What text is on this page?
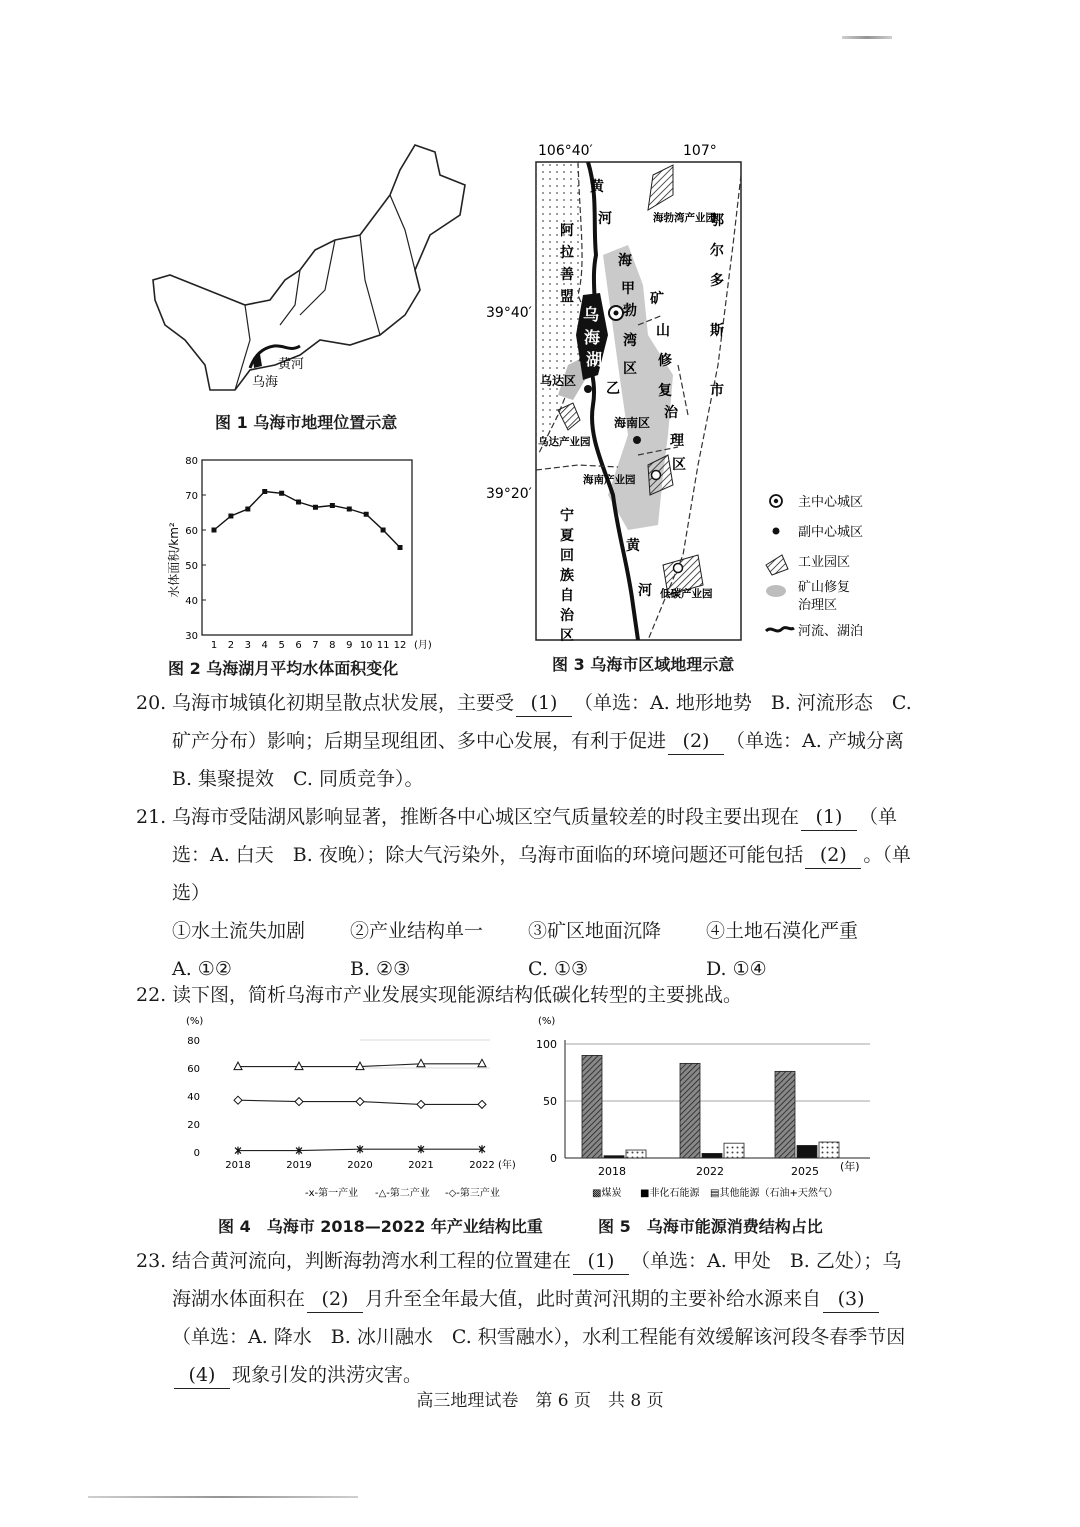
黄河
乌海
图 1 乌海市地理位置示意
水体面积/km²
80
70
60
50
40
30
1 2 3 4 5 6 7 8 9 10 11 12 (月)
图 2 乌海湖月平均水体面积变化
106°40′	107°
39°40′
39°20′
阿
拉
善
盟
鄂
尔
多
斯
市
宁
夏
回
族
自
治
区
海
勃
湾
区
甲
乙
黄
河
黄
河
矿
山
修
复
治
理
区
乌
海
湖
乌达区
海南区
海勃湾产业园
乌达产业园
海南产业园
低碳产业园
主中心城区
副中心城区
工业园区
矿山修复
治理区
河流、湖泊
图 3 乌海市区域地理示意
20. 乌海市城镇化初期呈散点状发展，主要受 (1) （单选：A. 地形地势　B. 河流形态　C. 矿产分布）影响；后期呈现组团、多中心发展，有利于促进 (2) （单选：A. 产城分离　B. 集聚提效　C. 同质竞争）。
21. 乌海市受陆湖风影响显著，推断各中心城区空气质量较差的时段主要出现在 (1) （单选：A. 白天　B. 夜晚）；除大气污染外，乌海市面临的环境问题还可能包括 (2) 。（单选）
①水土流失加剧 ②产业结构单一 ③矿区地面沉降 ④土地石漠化严重
A. ①②	B. ②③	C. ①③	D. ①④
22. 读下图，简析乌海市产业发展实现能源结构低碳化转型的主要挑战。
(%)
(年)
80
60
40
20
0
2018	2019	2020	2021	2022
-x-第一产业 -△-第二产业 -◇-第三产业
图 4　乌海市 2018—2022 年产业结构比重
(%)
(年)
100
50
0
2018	2022	2025
▩煤炭 ■非化石能源 ▤其他能源（石油+天然气）
图 5　乌海市能源消费结构占比
23. 结合黄河流向，判断海勃湾水利工程的位置建在 (1) （单选：A. 甲处　B. 乙处）；乌海湖水体面积在 (2) 月升至全年最大值，此时黄河汛期的主要补给水源来自 (3)（单选：A. 降水　B. 冰川融水　C. 积雪融水），水利工程能有效缓解该河段冬春季节因(4) 现象引发的洪涝灾害。
高三地理试卷　第 6 页　共 8 页
